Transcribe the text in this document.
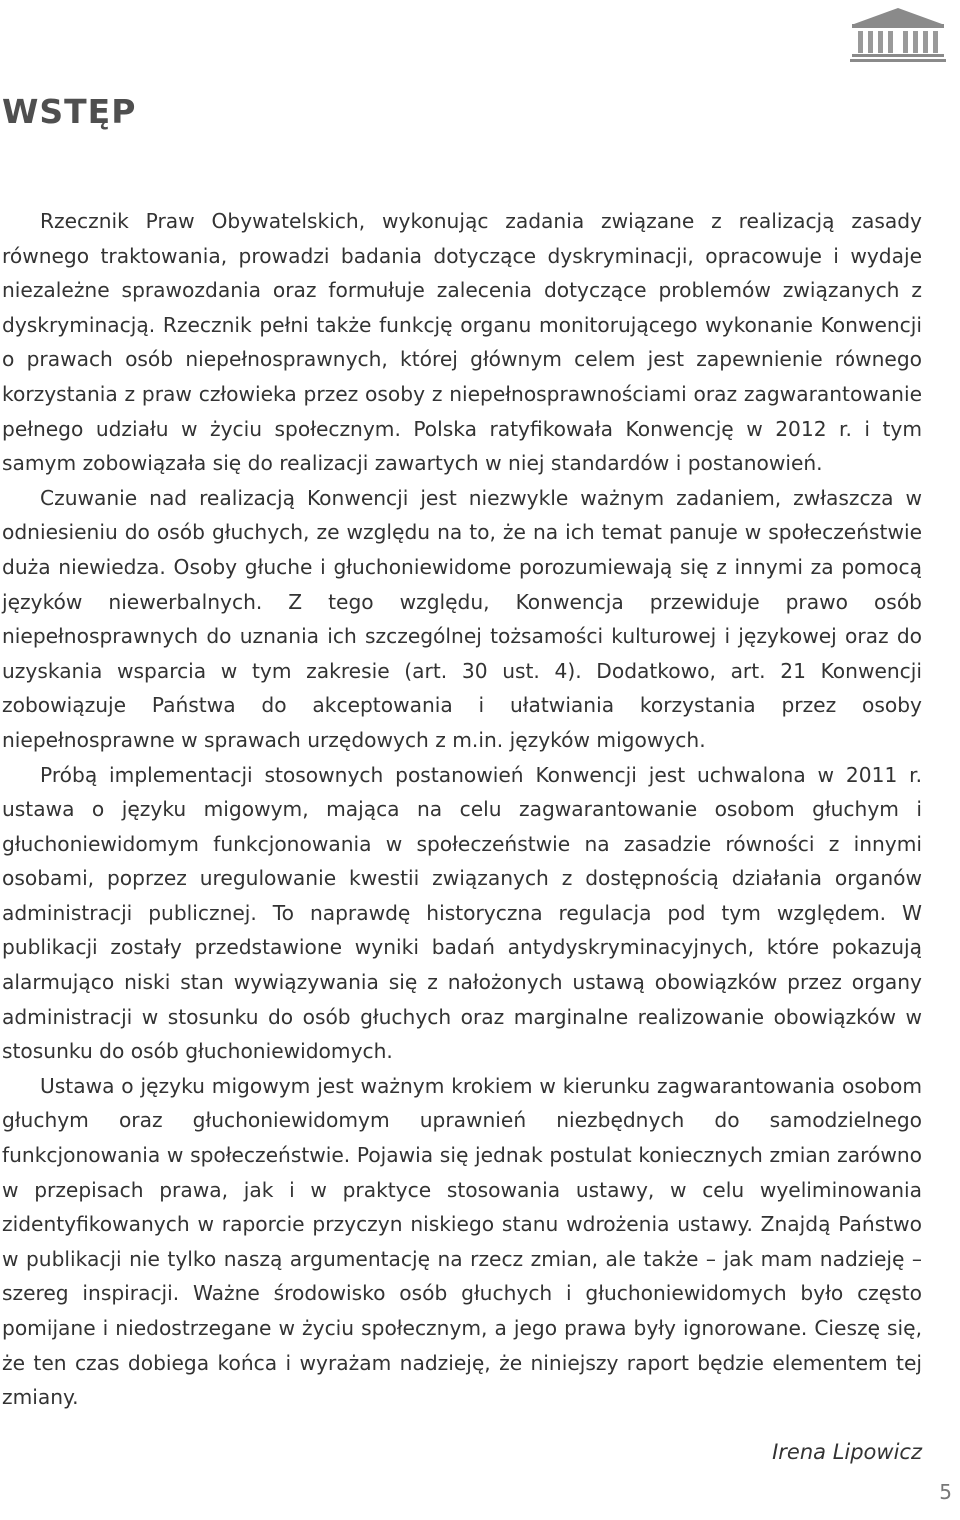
WSTĘP

Rzecznik Praw Obywatelskich, wykonując zadania związane z realizacją zasady równego traktowania, prowadzi badania dotyczące dyskryminacji, opracowuje i wydaje niezależne sprawozdania oraz formułuje zalecenia dotyczące problemów związanych z dyskryminacją. Rzecznik pełni także funkcję organu monitorującego wykonanie Konwencji o prawach osób niepełnosprawnych, której głównym celem jest zapewnienie równego korzystania z praw człowieka przez osoby z niepełnosprawnościami oraz zagwarantowanie pełnego udziału w życiu społecznym. Polska ratyfikowała Konwencję w 2012 r. i tym samym zobowiązała się do realizacji zawartych w niej standardów i postanowień.

Czuwanie nad realizacją Konwencji jest niezwykle ważnym zadaniem, zwłaszcza w odniesieniu do osób głuchych, ze względu na to, że na ich temat panuje w społeczeństwie duża niewiedza. Osoby głuche i głuchoniewidome porozumiewają się z innymi za pomocą języków niewerbalnych. Z tego względu, Konwencja przewiduje prawo osób niepełnosprawnych do uznania ich szczególnej tożsamości kulturowej i językowej oraz do uzyskania wsparcia w tym zakresie (art. 30 ust. 4). Dodatkowo, art. 21 Konwencji zobowiązuje Państwa do akceptowania i ułatwiania korzystania przez osoby niepełnosprawne w sprawach urzędowych z m.in. języków migowych.

Próbą implementacji stosownych postanowień Konwencji jest uchwalona w 2011 r. ustawa o języku migowym, mająca na celu zagwarantowanie osobom głuchym i głuchoniewidomym funkcjonowania w społeczeństwie na zasadzie równości z innymi osobami, poprzez uregulowanie kwestii związanych z dostępnością działania organów administracji publicznej. To naprawdę historyczna regulacja pod tym względem. W publikacji zostały przedstawione wyniki badań antydyskryminacyjnych, które pokazują alarmująco niski stan wywiązywania się z nałożonych ustawą obowiązków przez organy administracji w stosunku do osób głuchych oraz marginalne realizowanie obowiązków w stosunku do osób głuchoniewidomych.

Ustawa o języku migowym jest ważnym krokiem w kierunku zagwarantowania osobom głuchym oraz głuchoniewidomym uprawnień niezbędnych do samodzielnego funkcjonowania w społeczeństwie. Pojawia się jednak postulat koniecznych zmian zarówno w przepisach prawa, jak i w praktyce stosowania ustawy, w celu wyeliminowania zidentyfikowanych w raporcie przyczyn niskiego stanu wdrożenia ustawy. Znajdą Państwo w publikacji nie tylko naszą argumentację na rzecz zmian, ale także – jak mam nadzieję – szereg inspiracji. Ważne środowisko osób głuchych i głuchoniewidomych było często pomijane i niedostrzegane w życiu społecznym, a jego prawa były ignorowane. Cieszę się, że ten czas dobiega końca i wyrażam nadzieję, że niniejszy raport będzie elementem tej zmiany.

Irena Lipowicz
5
